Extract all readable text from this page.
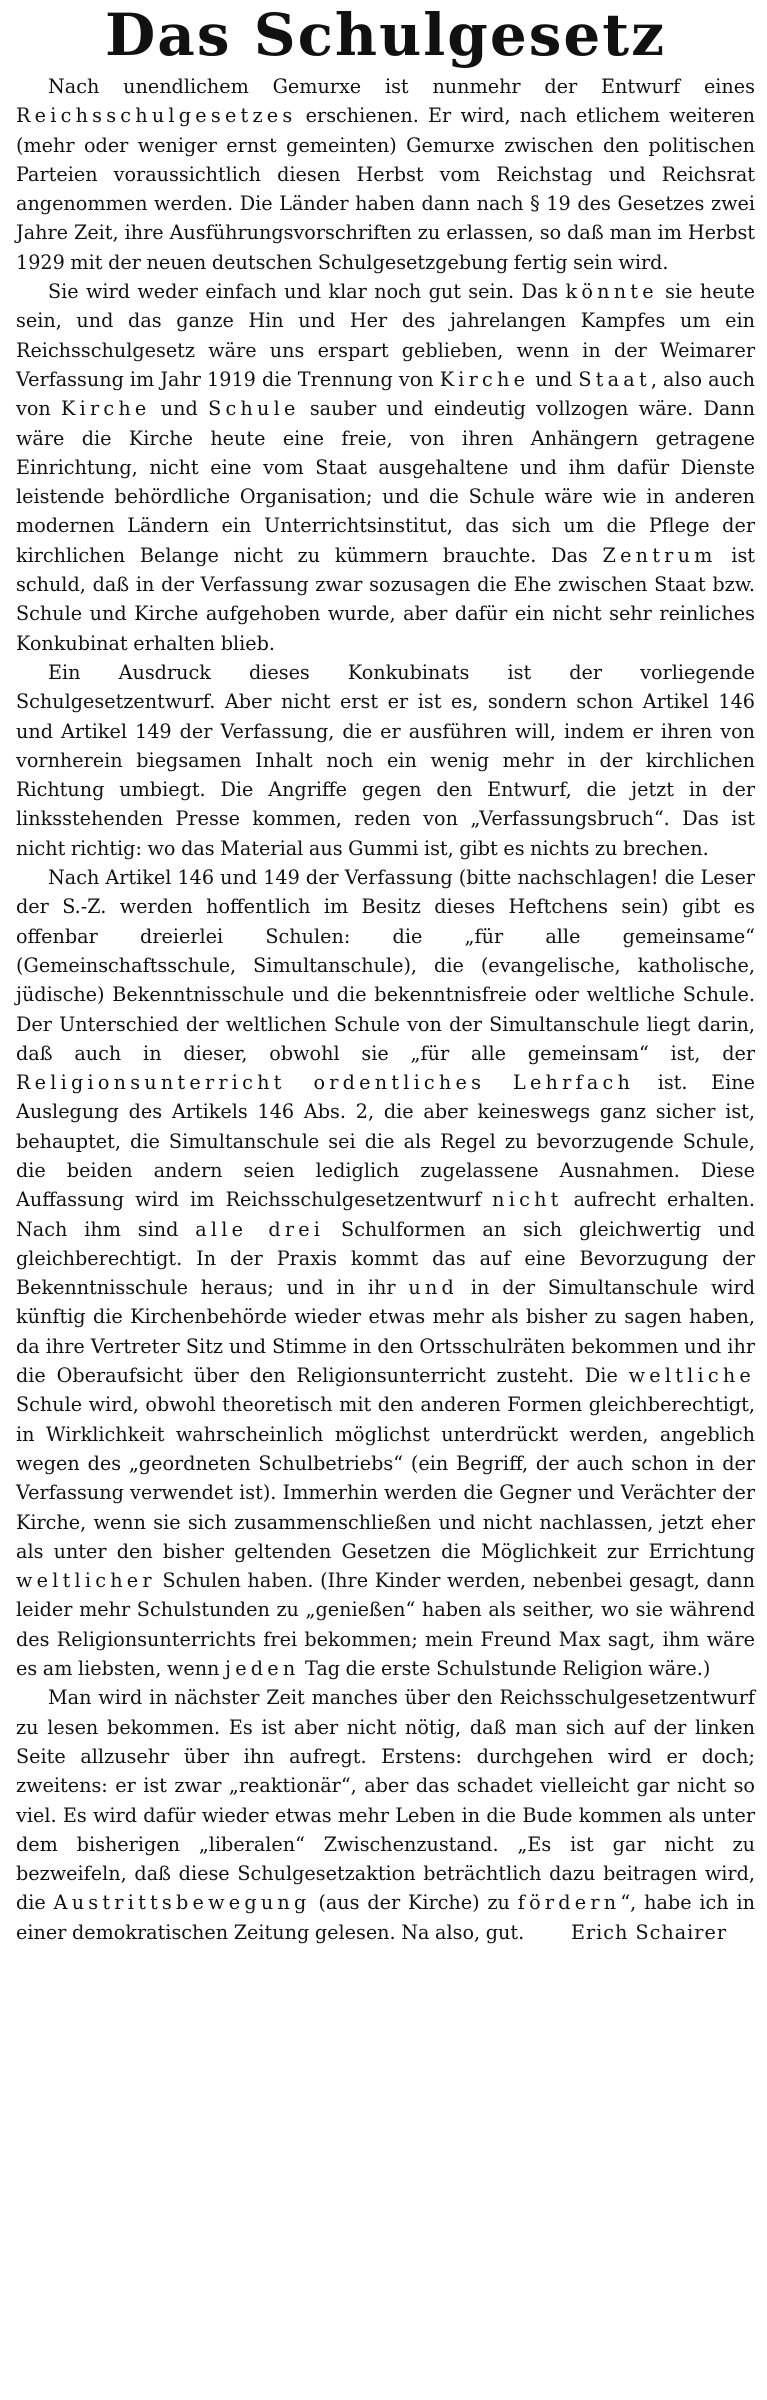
Das Schulgesetz

Nach unendlichem Gemurxe ist nunmehr der Entwurf eines Reichsschulgesetzes erschienen. Er wird, nach etlichem weiteren (mehr oder weniger ernst gemeinten) Gemurxe zwischen den politischen Parteien voraussichtlich diesen Herbst vom Reichstag und Reichsrat angenommen werden. Die Länder haben dann nach § 19 des Gesetzes zwei Jahre Zeit, ihre Ausführungsvorschriften zu erlassen, so daß man im Herbst 1929 mit der neuen deutschen Schulgesetzgebung fertig sein wird.

Sie wird weder einfach und klar noch gut sein. Das könnte sie heute sein, und das ganze Hin und Her des jahrelangen Kampfes um ein Reichsschulgesetz wäre uns erspart geblieben, wenn in der Weimarer Verfassung im Jahr 1919 die Trennung von Kirche und Staat, also auch von Kirche und Schule sauber und eindeutig vollzogen wäre. Dann wäre die Kirche heute eine freie, von ihren Anhängern getragene Einrichtung, nicht eine vom Staat ausgehaltene und ihm dafür Dienste leistende behördliche Organisation; und die Schule wäre wie in anderen modernen Ländern ein Unterrichtsinstitut, das sich um die Pflege der kirchlichen Belange nicht zu kümmern brauchte. Das Zentrum ist schuld, daß in der Verfassung zwar sozusagen die Ehe zwischen Staat bzw. Schule und Kirche aufgehoben wurde, aber dafür ein nicht sehr reinliches Konkubinat erhalten blieb.

Ein Ausdruck dieses Konkubinats ist der vorliegende Schulgesetzentwurf. Aber nicht erst er ist es, sondern schon Artikel 146 und Artikel 149 der Verfassung, die er ausführen will, indem er ihren von vornherein biegsamen Inhalt noch ein wenig mehr in der kirchlichen Richtung umbiegt. Die Angriffe gegen den Entwurf, die jetzt in der linksstehenden Presse kommen, reden von „Verfassungsbruch“. Das ist nicht richtig: wo das Material aus Gummi ist, gibt es nichts zu brechen.

Nach Artikel 146 und 149 der Verfassung (bitte nachschlagen! die Leser der S.-Z. werden hoffentlich im Besitz dieses Heftchens sein) gibt es offenbar dreierlei Schulen: die „für alle gemeinsame“ (Gemeinschaftsschule, Simultanschule), die (evangelische, katholische, jüdische) Bekenntnisschule und die bekenntnisfreie oder weltliche Schule. Der Unterschied der weltlichen Schule von der Simultanschule liegt darin, daß auch in dieser, obwohl sie „für alle gemeinsam“ ist, der Religionsunterricht ordentliches Lehrfach ist. Eine Auslegung des Artikels 146 Abs. 2, die aber keineswegs ganz sicher ist, behauptet, die Simultanschule sei die als Regel zu bevorzugende Schule, die beiden andern seien lediglich zugelassene Ausnahmen. Diese Auffassung wird im Reichsschulgesetzentwurf nicht aufrecht erhalten. Nach ihm sind alle drei Schulformen an sich gleichwertig und gleichberechtigt. In der Praxis kommt das auf eine Bevorzugung der Bekenntnisschule heraus; und in ihr und in der Simultanschule wird künftig die Kirchenbehörde wieder etwas mehr als bisher zu sagen haben, da ihre Vertreter Sitz und Stimme in den Ortsschulräten bekommen und ihr die Oberaufsicht über den Religionsunterricht zusteht. Die weltliche Schule wird, obwohl theoretisch mit den anderen Formen gleichberechtigt, in Wirklichkeit wahrscheinlich möglichst unterdrückt werden, angeblich wegen des „geordneten Schulbetriebs“ (ein Begriff, der auch schon in der Verfassung verwendet ist). Immerhin werden die Gegner und Verächter der Kirche, wenn sie sich zusammenschließen und nicht nachlassen, jetzt eher als unter den bisher geltenden Gesetzen die Möglichkeit zur Errichtung weltlicher Schulen haben. (Ihre Kinder werden, nebenbei gesagt, dann leider mehr Schulstunden zu „genießen“ haben als seither, wo sie während des Religionsunterrichts frei bekommen; mein Freund Max sagt, ihm wäre es am liebsten, wenn jeden Tag die erste Schulstunde Religion wäre.)

Man wird in nächster Zeit manches über den Reichsschulgesetzentwurf zu lesen bekommen. Es ist aber nicht nötig, daß man sich auf der linken Seite allzusehr über ihn aufregt. Erstens: durchgehen wird er doch; zweitens: er ist zwar „reaktionär“, aber das schadet vielleicht gar nicht so viel. Es wird dafür wieder etwas mehr Leben in die Bude kommen als unter dem bisherigen „liberalen“ Zwischenzustand. „Es ist gar nicht zu bezweifeln, daß diese Schulgesetzaktion beträchtlich dazu beitragen wird, die Austrittsbewegung (aus der Kirche) zu fördern“, habe ich in einer demokratischen Zeitung gelesen. Na also, gut.	Erich Schairer
